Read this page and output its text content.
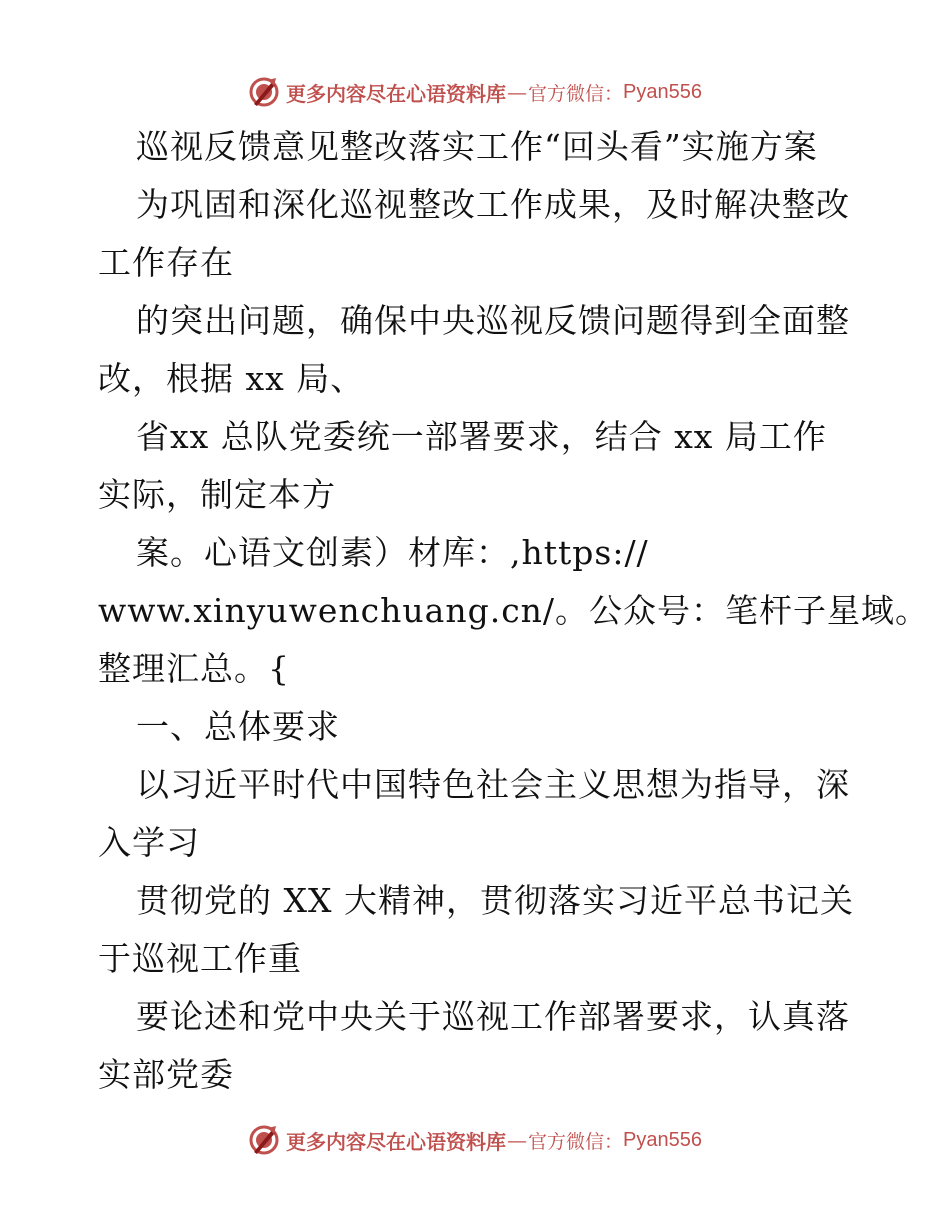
更多内容尽在心语资料库 — 官方微信： Pyan556
巡视反馈意见整改落实工作“回头看”实施方案
为巩固和深化巡视整改工作成果，及时解决整改
工作存在
的突出问题，确保中央巡视反馈问题得到全面整
改，根据 xx 局、
省xx 总队党委统一部署要求，结合 xx 局工作
实际，制定本方
案。心语文创素）材库：,https://
www.xinyuwenchuang.cn/。公众号：笔杆子星域。
整理汇总。{
一、总体要求
以习近平时代中国特色社会主义思想为指导，深
入学习
贯彻党的 XX 大精神，贯彻落实习近平总书记关
于巡视工作重
要论述和党中央关于巡视工作部署要求，认真落
实部党委
更多内容尽在心语资料库 — 官方微信： Pyan556
